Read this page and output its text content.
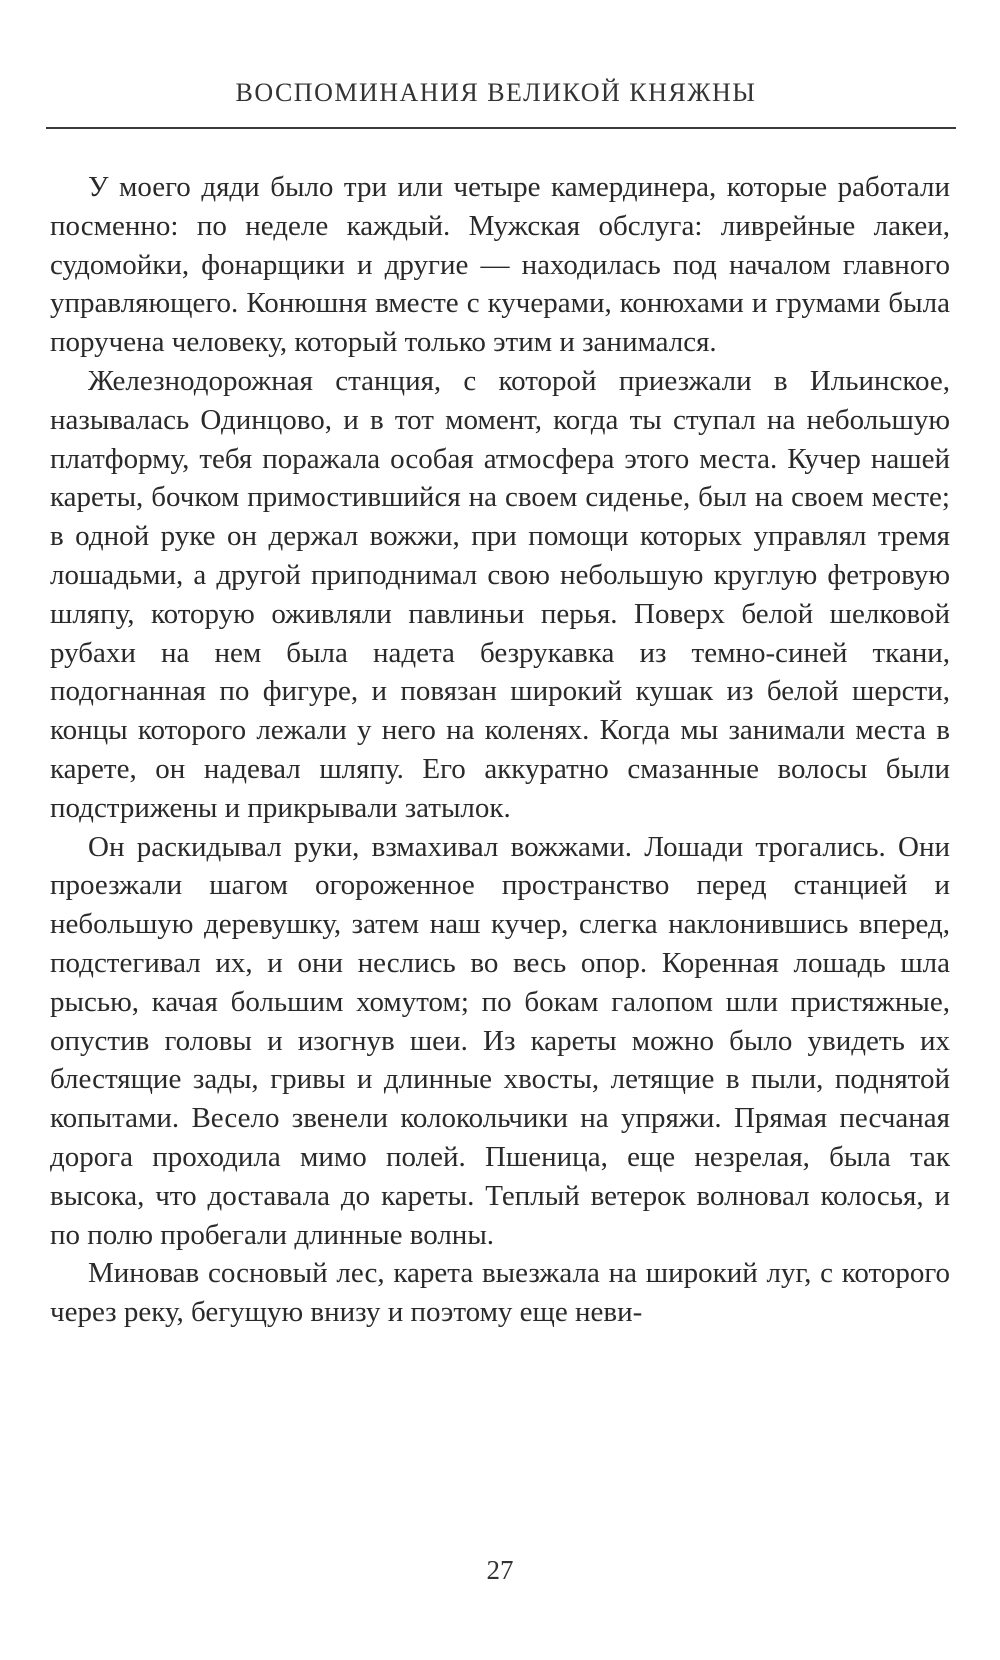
ВОСПОМИНАНИЯ ВЕЛИКОЙ КНЯЖНЫ

У моего дяди было три или четыре камердинера, которые работали посменно: по неделе каждый. Мужская обслуга: ливрейные лакеи, судомойки, фонарщики и другие — находилась под началом главного управляющего. Конюшня вместе с кучерами, конюхами и грумами была поручена человеку, который только этим и занимался.

Железнодорожная станция, с которой приезжали в Ильинское, называлась Одинцово, и в тот момент, когда ты ступал на небольшую платформу, тебя поражала особая атмосфера этого места. Кучер нашей кареты, бочком примостившийся на своем сиденье, был на своем месте; в одной руке он держал вожжи, при помощи которых управлял тремя лошадьми, а другой приподнимал свою небольшую круглую фетровую шляпу, которую оживляли павлиньи перья. Поверх белой шелковой рубахи на нем была надета безрукавка из темно-синей ткани, подогнанная по фигуре, и повязан широкий кушак из белой шерсти, концы которого лежали у него на коленях. Когда мы занимали места в карете, он надевал шляпу. Его аккуратно смазанные волосы были подстрижены и прикрывали затылок.

Он раскидывал руки, взмахивал вожжами. Лошади трогались. Они проезжали шагом огороженное пространство перед станцией и небольшую деревушку, затем наш кучер, слегка наклонившись вперед, подстегивал их, и они неслись во весь опор. Коренная лошадь шла рысью, качая большим хомутом; по бокам галопом шли пристяжные, опустив головы и изогнув шеи. Из кареты можно было увидеть их блестящие зады, гривы и длинные хвосты, летящие в пыли, поднятой копытами. Весело звенели колокольчики на упряжи. Прямая песчаная дорога проходила мимо полей. Пшеница, еще незрелая, была так высока, что доставала до кареты. Теплый ветерок волновал колосья, и по полю пробегали длинные волны.

Миновав сосновый лес, карета выезжала на широкий луг, с которого через реку, бегущую внизу и поэтому еще неви-

27
